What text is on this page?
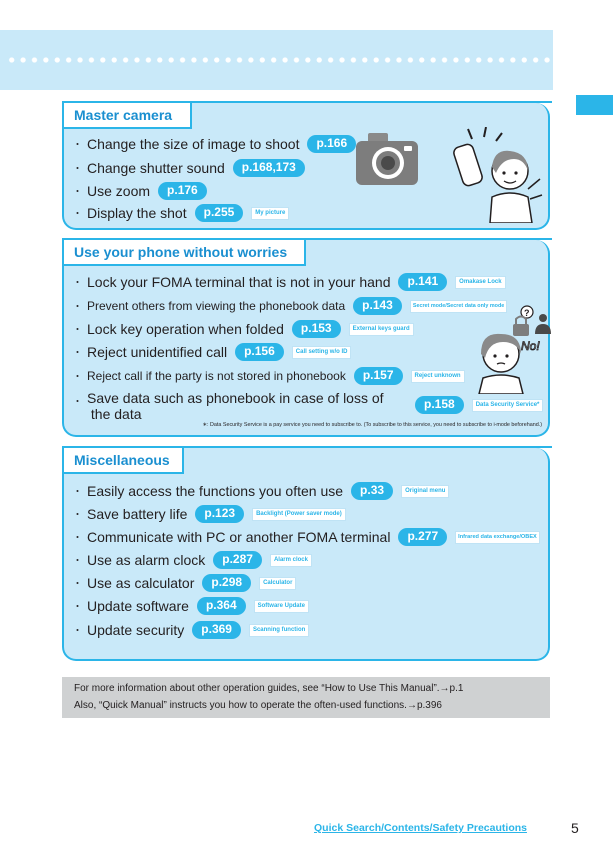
Master camera
・ Change the size of image to shoot	p.166
・ Change shutter sound	p.168,173
・ Use zoom	p.176
・ Display the shot	p.255	My picture
Use your phone without worries
・ Lock your FOMA terminal that is not in your hand	p.141	Omakase Lock
・ Prevent others from viewing the phonebook data	p.143	Secret mode/Secret data only mode
・ Lock key operation when folded	p.153	External keys guard
・ Reject unidentified call	p.156	Call setting w/o ID
・ Reject call if the party is not stored in phonebook	p.157	Reject unknown
・ Save data such as phonebook in case of loss of
the data
p.158	Data Security Service*
∗: Data Security Service is a pay service you need to subscribe to. (To subscribe to this service, you need to subscribe to i-mode beforehand.)
?
No!
Miscellaneous
・ Easily access the functions you often use	p.33	Original menu
・ Save battery life	p.123	Backlight (Power saver mode)
・ Communicate with PC or another FOMA terminal	p.277	Infrared data exchange/OBEX
・ Use as alarm clock	p.287	Alarm clock
・ Use as calculator	p.298	Calculator
・ Update software	p.364	Software Update
・ Update security	p.369	Scanning function
For more information about other operation guides, see “How to Use This Manual”.→p.1
Also, “Quick Manual” instructs you how to operate the often-used functions.→p.396
Quick Search/Contents/Safety Precautions	5
